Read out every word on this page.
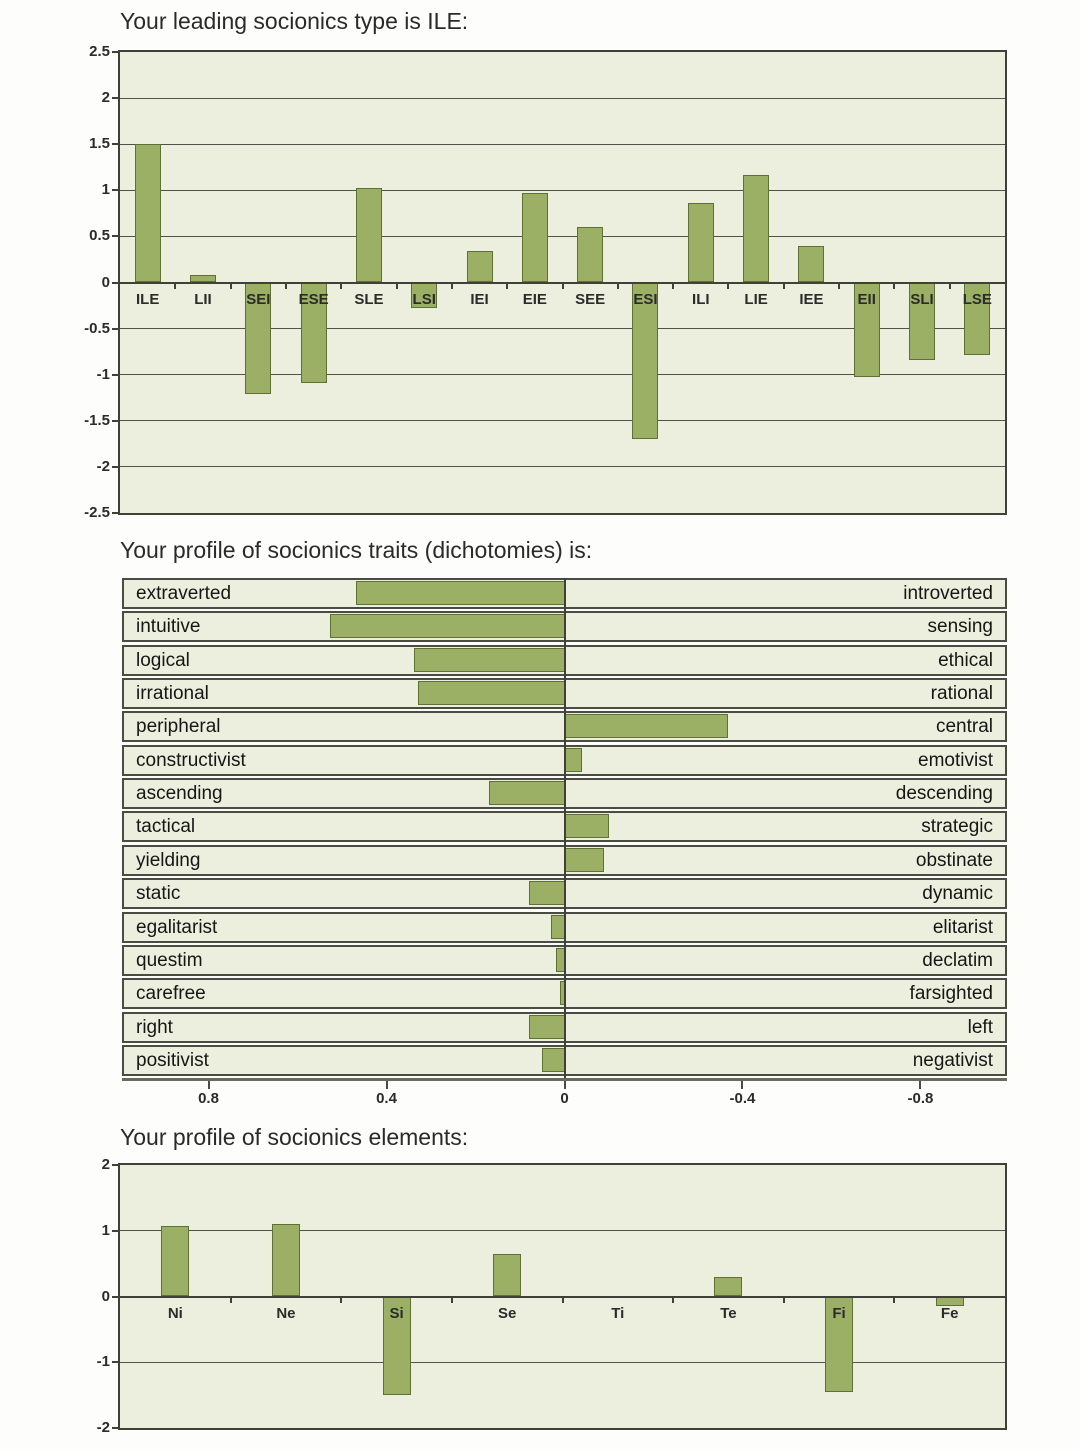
Your leading socionics type is ILE:
2.5
2
1.5
1
0.5
0
-0.5
-1
-1.5
-2
-2.5
ILE	LII	SEI	ESE	SLE	LSI	IEI	EIE	SEE	ESI	ILI	LIE	IEE	EII	SLI	LSE
Your profile of socionics traits (dichotomies) is:
extraverted	introverted
intuitive	sensing
logical	ethical
irrational	rational
peripheral	central
constructivist	emotivist
ascending	descending
tactical	strategic
yielding	obstinate
static	dynamic
egalitarist	elitarist
questim	declatim
carefree	farsighted
right	left
positivist	negativist
0.8	0.4	0	-0.4	-0.8
Your profile of socionics elements:
2
1
0
-1
-2
Ni	Ne	Si	Se	Ti	Te	Fi	Fe
